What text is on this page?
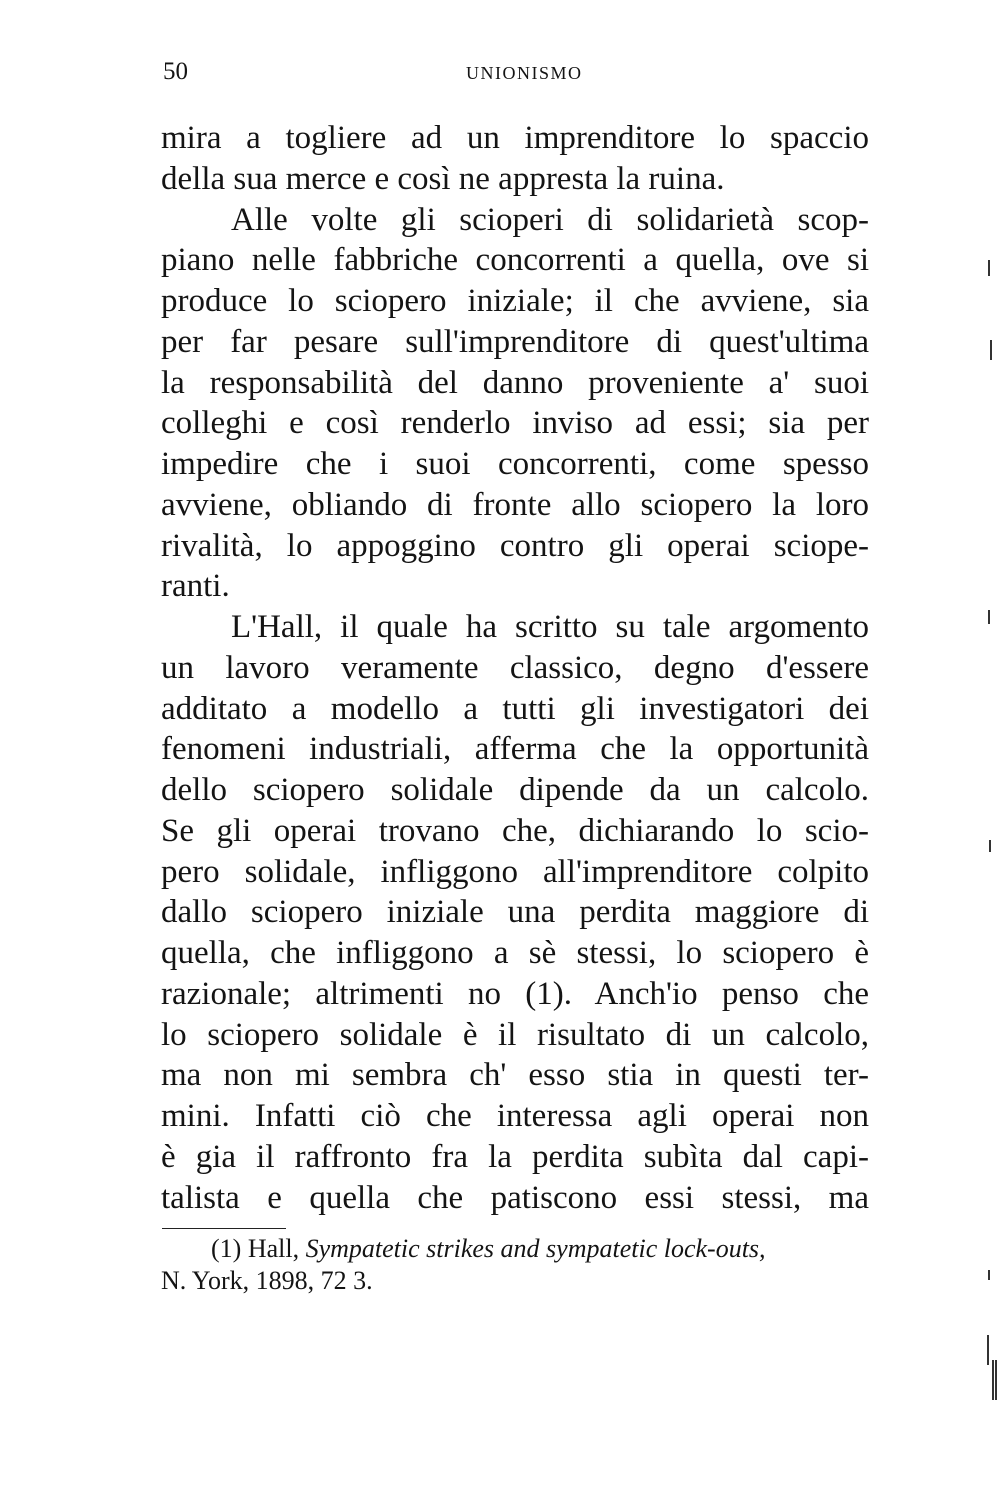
50	UNIONISMO
mira a togliere ad un imprenditore lo spaccio
della sua merce e così ne appresta la ruina.
Alle volte gli scioperi di solidarietà scop-
piano nelle fabbriche concorrenti a quella, ove si
produce lo sciopero iniziale; il che avviene, sia
per far pesare sull'imprenditore di quest'ultima
la responsabilità del danno proveniente a' suoi
colleghi e così renderlo inviso ad essi; sia per
impedire che i suoi concorrenti, come spesso
avviene, obliando di fronte allo sciopero la loro
rivalità, lo appoggino contro gli operai sciope-
ranti.
L'Hall, il quale ha scritto su tale argomento
un lavoro veramente classico, degno d'essere
additato a modello a tutti gli investigatori dei
fenomeni industriali, afferma che la opportunità
dello sciopero solidale dipende da un calcolo.
Se gli operai trovano che, dichiarando lo scio-
pero solidale, infliggono all'imprenditore colpito
dallo sciopero iniziale una perdita maggiore di
quella, che infliggono a sè stessi, lo sciopero è
razionale; altrimenti no (1). Anch'io penso che
lo sciopero solidale è il risultato di un calcolo,
ma non mi sembra ch' esso stia in questi ter-
mini. Infatti ciò che interessa agli operai non
è gia il raffronto fra la perdita subìta dal capi-
talista e quella che patiscono essi stessi, ma
(1) Hall, Sympatetic strikes and sympatetic lock-outs,
N. York, 1898, 72 3.
